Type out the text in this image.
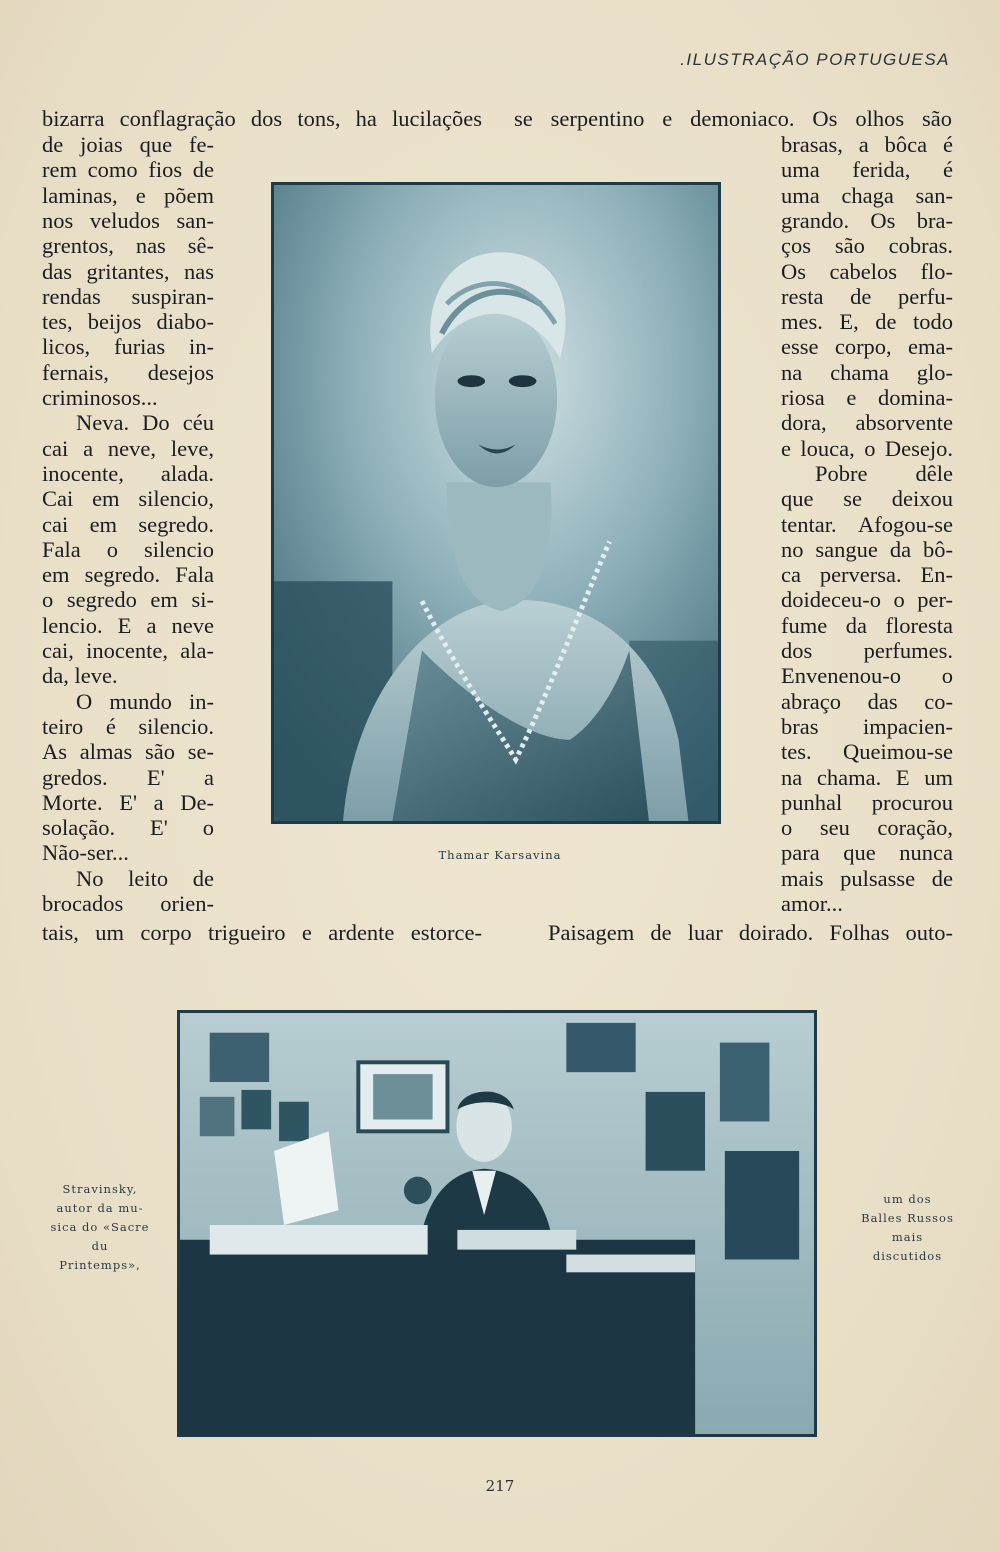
.ILUSTRAÇÃO PORTUGUESA
bizarra conflagração dos tons, ha lucilações se serpentino e demoniaco. Os olhos são
de joias que fe-
rem como fios de
laminas, e põem
nos veludos san-
grentos, nas sê-
das gritantes, nas
rendas suspiran-
tes, beijos diabo-
licos, furias in-
fernais, desejos
criminosos...
Neva. Do céu
cai a neve, leve,
inocente, alada.
Cai em silencio,
cai em segredo.
Fala o silencio
em segredo. Fala
o segredo em si-
lencio. E a neve
cai, inocente, ala-
da, leve.
O mundo in-
teiro é silencio.
As almas são se-
gredos. E' a
Morte. E' a De-
solação. E' o
Não-ser...
No leito de
brocados orien-
brasas, a bôca é
uma ferida, é
uma chaga san-
grando. Os bra-
ços são cobras.
Os cabelos flo-
resta de perfu-
mes. E, de todo
esse corpo, ema-
na chama glo-
riosa e domina-
dora, absorvente
e louca, o Desejo.
Pobre dêle
que se deixou
tentar. Afogou-se
no sangue da bô-
ca perversa. En-
doideceu-o o per-
fume da floresta
dos perfumes.
Envenenou-o o
abraço das co-
bras impacien-
tes. Queimou-se
na chama. E um
punhal procurou
o seu coração,
para que nunca
mais pulsasse de
amor...
tais, um corpo trigueiro e ardente estorce-	Paisagem de luar doirado. Folhas outo-
Thamar Karsavina
Stravinsky,
autor da mu-
sica do «Sacre
du
Printemps»,
um dos
Balles Russos
mais
discutidos
217
